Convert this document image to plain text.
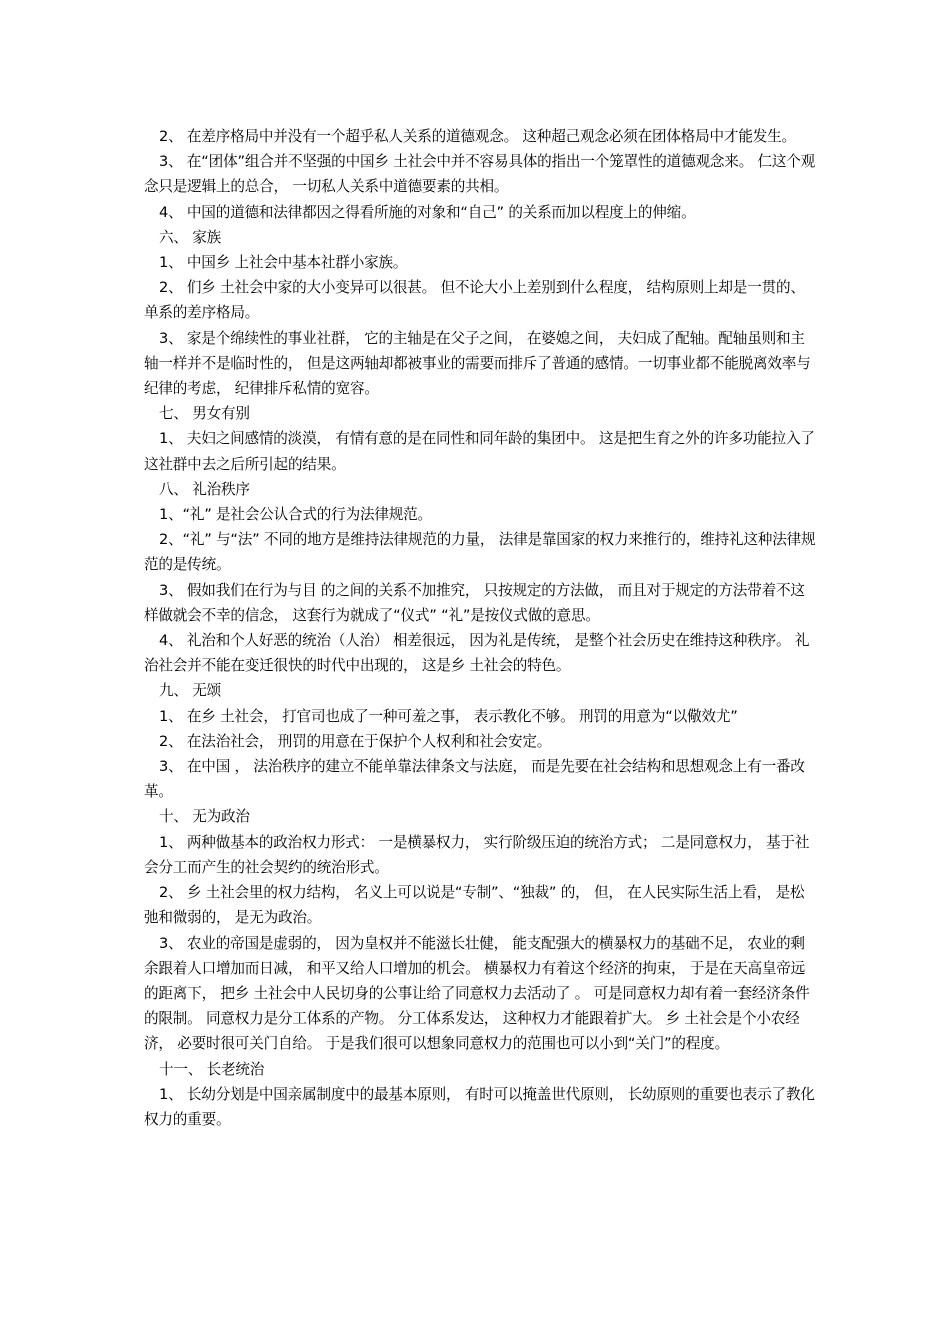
2、 在差序格局中并没有一个超乎私人关系的道德观念。 这种超己观念必须在团体格局中才能发生。

3、 在“团体”组合并不坚强的中国乡 土社会中并不容易具体的指出一个笼罩性的道德观念来。 仁这个观念只是逻辑上的总合， 一切私人关系中道德要素的共相。

4、 中国的道德和法律都因之得看所施的对象和“自己” 的关系而加以程度上的伸缩。

六、 家族

1、 中国乡 上社会中基本社群小家族。

2、 们乡 土社会中家的大小变异可以很甚。 但不论大小上差别到什么程度， 结构原则上却是一贯的、 单系的差序格局。

3、 家是个绵续性的事业社群， 它的主轴是在父子之间， 在婆媳之间， 夫妇成了配轴。配轴虽则和主轴一样并不是临时性的， 但是这两轴却都被事业的需要而排斥了普通的感情。一切事业都不能脱离效率与纪律的考虑， 纪律排斥私情的宽容。

七、 男女有别

1、 夫妇之间感情的淡漠， 有情有意的是在同性和同年龄的集团中。 这是把生育之外的许多功能拉入了 这社群中去之后所引起的结果。

八、 礼治秩序

1、“礼” 是社会公认合式的行为法律规范。

2、“礼” 与“法” 不同的地方是维持法律规范的力量， 法律是靠国家的权力来推行的，维持礼这种法律规范的是传统。

3、 假如我们在行为与目 的之间的关系不加推究， 只按规定的方法做， 而且对于规定的方法带着不这样做就会不幸的信念， 这套行为就成了“仪式” “礼”是按仪式做的意思。

4、 礼治和个人好恶的统治（人治） 相差很远， 因为礼是传统， 是整个社会历史在维持这种秩序。 礼治社会并不能在变迁很快的时代中出现的， 这是乡 土社会的特色。

九、 无颂

1、 在乡 土社会， 打官司也成了一种可羞之事， 表示教化不够。 刑罚的用意为“以儆效尤”

2、 在法治社会， 刑罚的用意在于保护个人权利和社会安定。

3、 在中国 ， 法治秩序的建立不能单靠法律条文与法庭， 而是先要在社会结构和思想观念上有一番改革。

十、 无为政治

1、 两种做基本的政治权力形式： 一是横暴权力， 实行阶级压迫的统治方式； 二是同意权力， 基于社会分工而产生的社会契约的统治形式。

2、 乡 土社会里的权力结构， 名义上可以说是“专制”、“独裁” 的， 但， 在人民实际生活上看， 是松弛和微弱的， 是无为政治。

3、 农业的帝国是虚弱的， 因为皇权并不能滋长壮健， 能支配强大的横暴权力的基础不足， 农业的剩余跟着人口增加而日减， 和平又给人口增加的机会。 横暴权力有着这个经济的拘束， 于是在天高皇帝远的距离下， 把乡 土社会中人民切身的公事让给了同意权力去活动了 。 可是同意权力却有着一套经济条件的限制。 同意权力是分工体系的产物。 分工体系发达， 这种权力才能跟着扩大。 乡 土社会是个小农经济， 必要时很可关门自给。 于是我们很可以想象同意权力的范围也可以小到“关门”的程度。

十一、 长老统治

1、 长幼分划是中国亲属制度中的最基本原则， 有时可以掩盖世代原则， 长幼原则的重要也表示了教化权力的重要。
